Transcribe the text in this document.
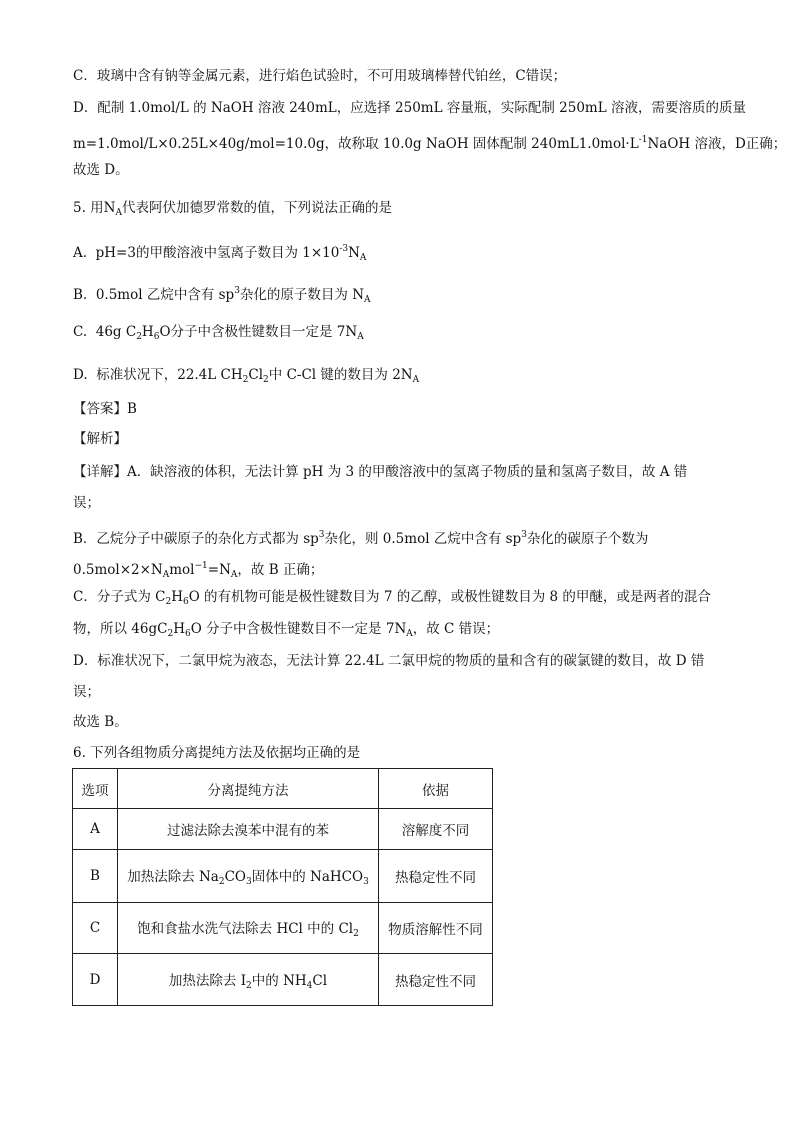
C．玻璃中含有钠等金属元素，进行焰色试验时，不可用玻璃棒替代铂丝，C错误；
D．配制 1.0mol/L 的 NaOH 溶液 240mL，应选择 250mL 容量瓶，实际配制 250mL 溶液，需要溶质的质量
m=1.0mol/L×0.25L×40g/mol=10.0g，故称取 10.0g NaOH 固体配制 $240mL1.0mol\cdot L^{-1}NaOH$ 溶液，D正确；
故选 D。
5. 用$N_A$代表阿伏加德罗常数的值，下列说法正确的是
A. pH=3的甲酸溶液中氢离子数目为 $1\times 10^{-3}N_A$
B. 0.5mol 乙烷中含有 $sp^3$杂化的原子数目为 $N_A$
C. 46g $C_2H_6O$分子中含极性键数目一定是 $7N_A$
D. 标准状况下，22.4L $CH_2Cl_2$中 C-Cl 键的数目为 $2N_A$
【答案】B
【解析】
【详解】A．缺溶液的体积，无法计算 pH 为 3 的甲酸溶液中的氢离子物质的量和氢离子数目，故 A 错
误；
B．乙烷分子中碳原子的杂化方式都为 $sp^3$杂化，则 0.5mol 乙烷中含有 $sp^3$杂化的碳原子个数为
$0.5mol\times 2\times N_Amol^{-1}=N_A$，故 B 正确；
C．分子式为 $C_2H_6O$ 的有机物可能是极性键数目为 7 的乙醇，或极性键数目为 8 的甲醚，或是两者的混合
物，所以 $46gC_2H_6O$ 分子中含极性键数目不一定是 $7N_A$，故 C 错误；
D．标准状况下，二氯甲烷为液态，无法计算 22.4L 二氯甲烷的物质的量和含有的碳氯键的数目，故 D 错
误；
故选 B。
6. 下列各组物质分离提纯方法及依据均正确的是
选项	分离提纯方法	依据
A	过滤法除去溴苯中混有的苯	溶解度不同
B	加热法除去 $Na_2CO_3$固体中的 NaHCO$_3$	热稳定性不同
C	饱和食盐水洗气法除去 HCl 中的 $Cl_2$	物质溶解性不同
D	加热法除去 $I_2$中的 $NH_4Cl$	热稳定性不同
